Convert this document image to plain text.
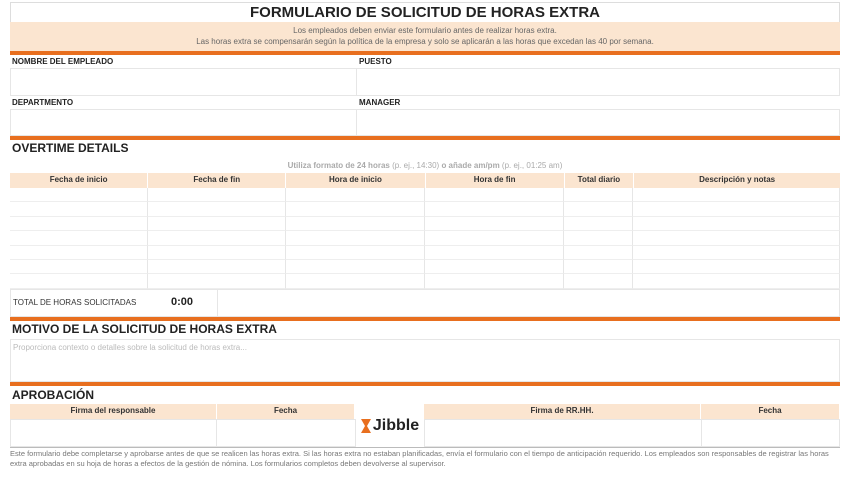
FORMULARIO DE SOLICITUD DE HORAS EXTRA
Los empleados deben enviar este formulario antes de realizar horas extra.
Las horas extra se compensarán según la política de la empresa y solo se aplicarán a las horas que excedan las 40 por semana.
NOMBRE DEL EMPLEADO	PUESTO
DEPARTMENTO	MANAGER
OVERTIME DETAILS
Utiliza formato de 24 horas (p. ej., 14:30) o añade am/pm (p. ej., 01:25 am)
Fecha de inicio	Fecha de fin	Hora de inicio	Hora de fin	Total diario	Descripción y notas
TOTAL DE HORAS SOLICITADAS	0:00
MOTIVO DE LA SOLICITUD DE HORAS EXTRA
Proporciona contexto o detalles sobre la solicitud de horas extra...
APROBACIÓN
Firma del responsable	Fecha	Firma de RR.HH.	Fecha
Jibble
Este formulario debe completarse y aprobarse antes de que se realicen las horas extra. Si las horas extra no estaban planificadas, envía el formulario con el tiempo de anticipación requerido. Los empleados son responsables de registrar las horas extra aprobadas en su hoja de horas a efectos de la gestión de nómina. Los formularios completos deben devolverse al supervisor.
